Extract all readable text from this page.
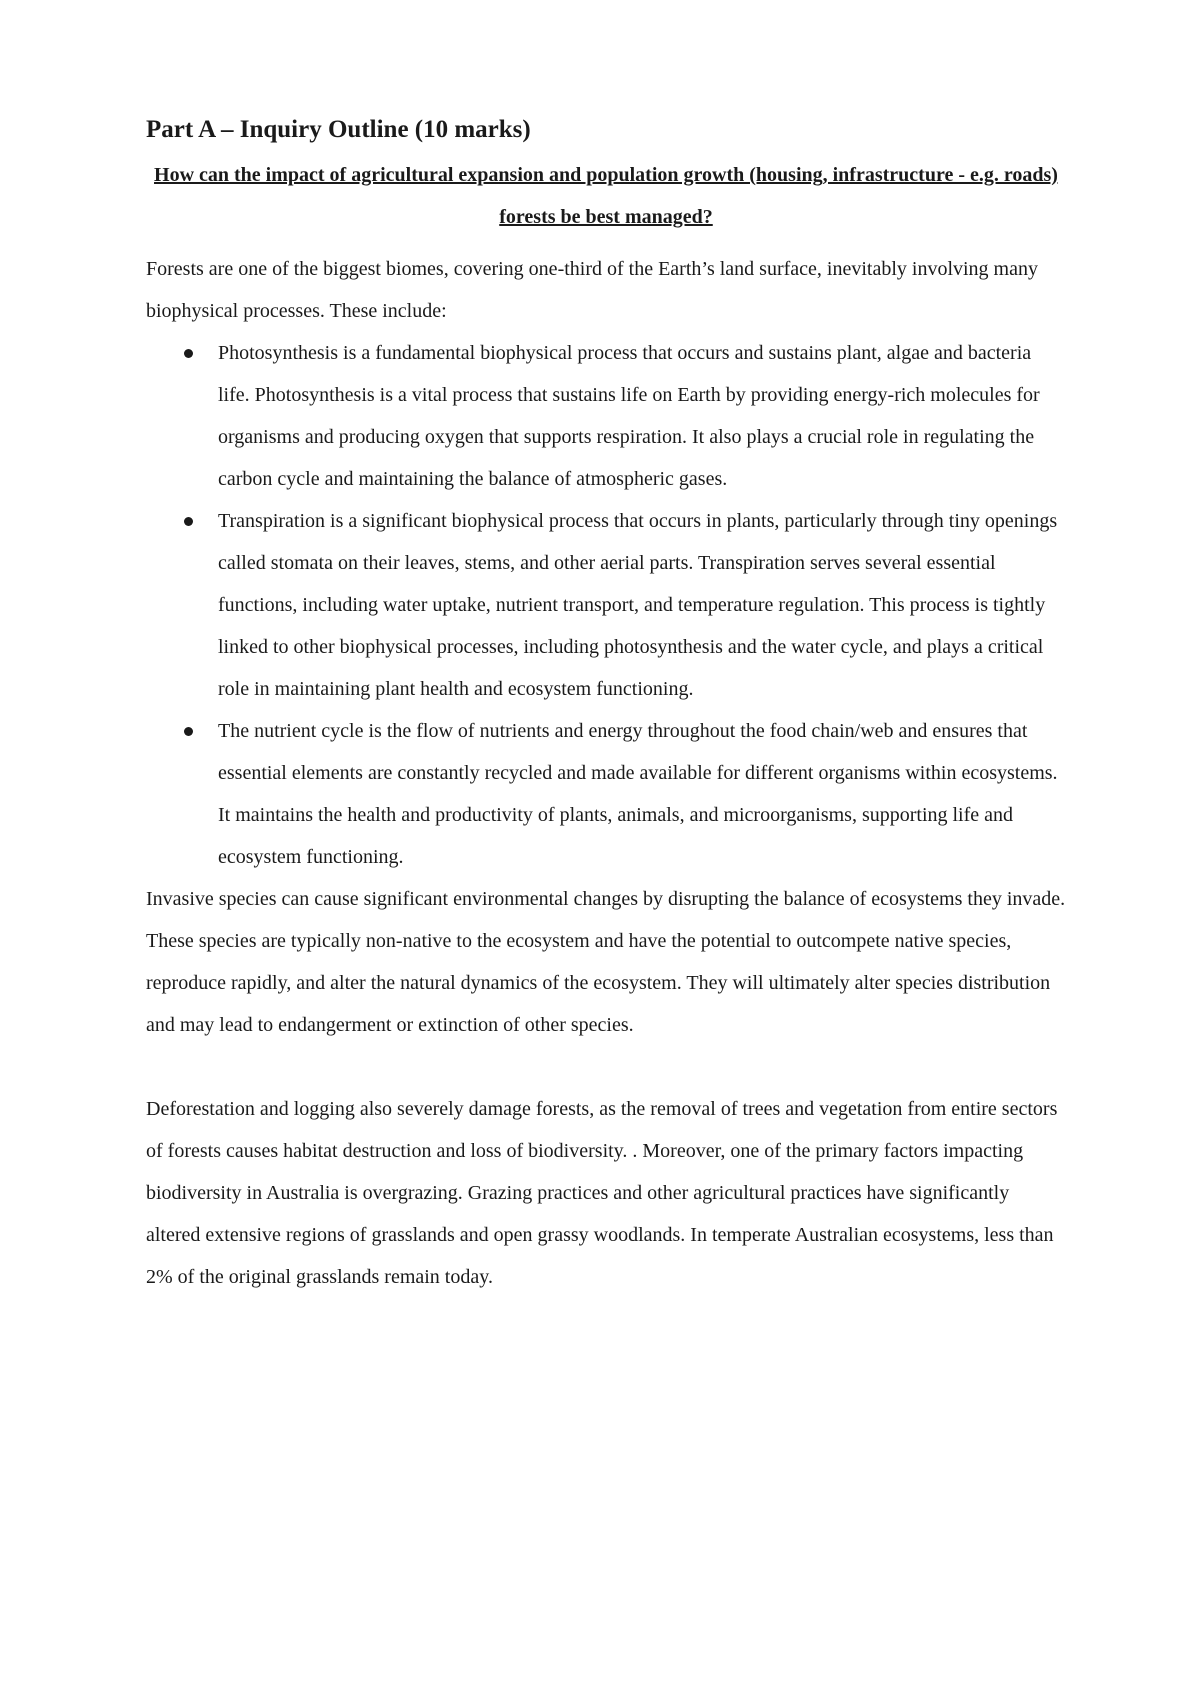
Part A – Inquiry Outline (10 marks)

How can the impact of agricultural expansion and population growth (housing, infrastructure - e.g. roads) forests be best managed?

Forests are one of the biggest biomes, covering one-third of the Earth’s land surface, inevitably involving many biophysical processes. These include:

Photosynthesis is a fundamental biophysical process that occurs and sustains plant, algae and bacteria life. Photosynthesis is a vital process that sustains life on Earth by providing energy-rich molecules for organisms and producing oxygen that supports respiration. It also plays a crucial role in regulating the carbon cycle and maintaining the balance of atmospheric gases.
Transpiration is a significant biophysical process that occurs in plants, particularly through tiny openings called stomata on their leaves, stems, and other aerial parts. Transpiration serves several essential functions, including water uptake, nutrient transport, and temperature regulation. This process is tightly linked to other biophysical processes, including photosynthesis and the water cycle, and plays a critical role in maintaining plant health and ecosystem functioning.
The nutrient cycle is the flow of nutrients and energy throughout the food chain/web and ensures that essential elements are constantly recycled and made available for different organisms within ecosystems. It maintains the health and productivity of plants, animals, and microorganisms, supporting life and ecosystem functioning.

Invasive species can cause significant environmental changes by disrupting the balance of ecosystems they invade. These species are typically non-native to the ecosystem and have the potential to outcompete native species, reproduce rapidly, and alter the natural dynamics of the ecosystem. They will ultimately alter species distribution and may lead to endangerment or extinction of other species.

Deforestation and logging also severely damage forests, as the removal of trees and vegetation from entire sectors of forests causes habitat destruction and loss of biodiversity. . Moreover, one of the primary factors impacting biodiversity in Australia is overgrazing. Grazing practices and other agricultural practices have significantly altered extensive regions of grasslands and open grassy woodlands. In temperate Australian ecosystems, less than 2% of the original grasslands remain today.
